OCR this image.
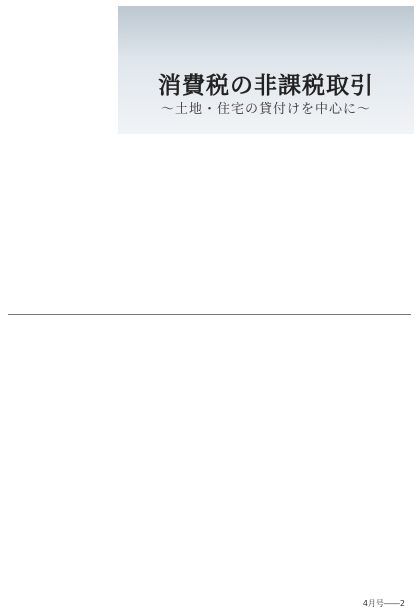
消費税の非課税取引
〜土地・住宅の貸付けを中心に〜
4月号――2
